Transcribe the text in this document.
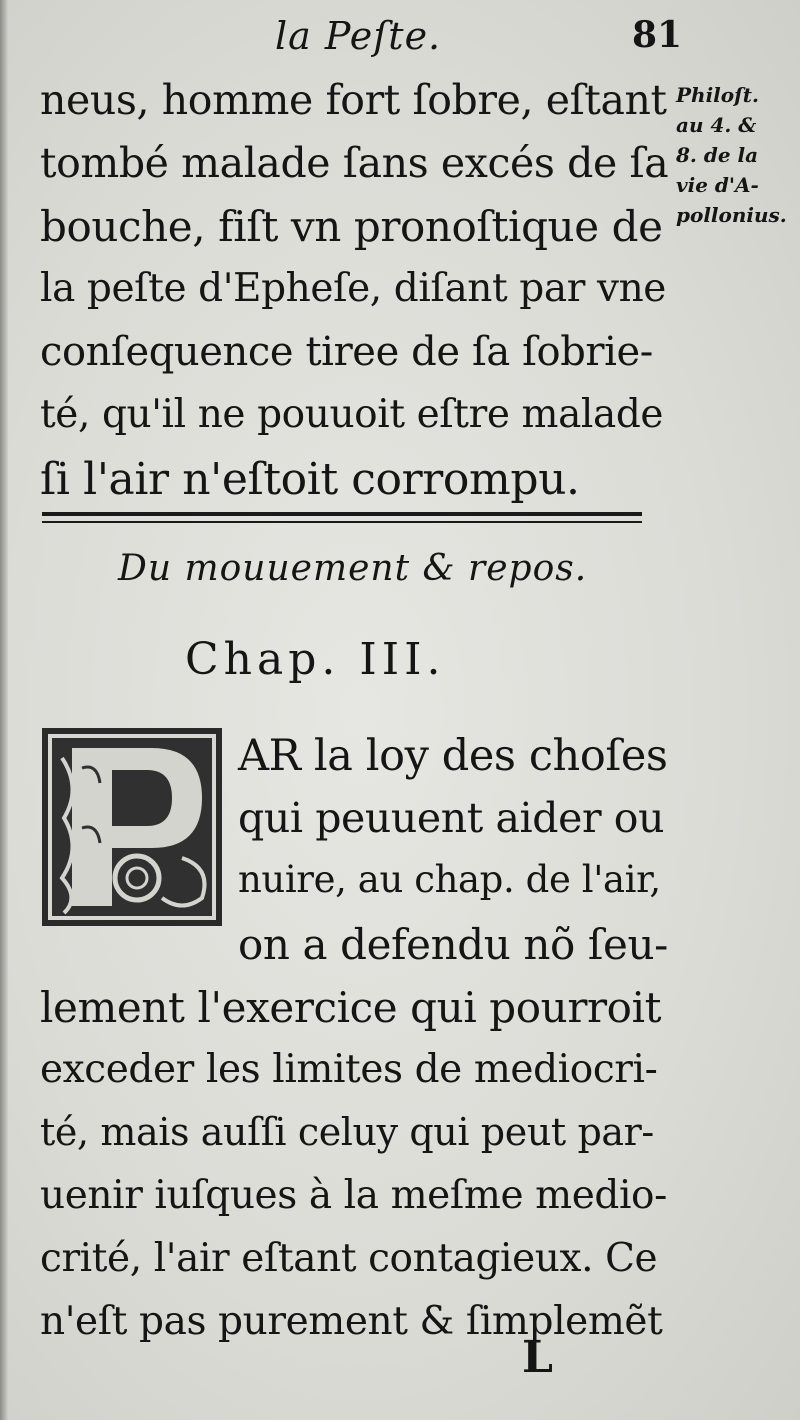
la Peſte.	81
neus, homme fort ſobre, eſtant
tombé malade ſans excés de ſa
bouche, fiſt vn pronoſtique de
la peſte d'Epheſe, diſant par vne
conſequence tiree de ſa ſobrie-
té, qu'il ne pouuoit eſtre malade
ſi l'air n'eſtoit corrompu.
Philoſt.
au 4. &
8. de la
vie d'A-
pollonius.
Du mouuement & repos.
Chap. III.
AR la loy des choſes
qui peuuent aider ou
nuire, au chap. de l'air,
on a defendu nõ ſeu-
lement l'exercice qui pourroit
exceder les limites de mediocri-
té, mais auſſi celuy qui peut par-
uenir iuſques à la meſme medio-
crité, l'air eſtant contagieux. Ce
n'eſt pas purement & ſimplemẽt
L
